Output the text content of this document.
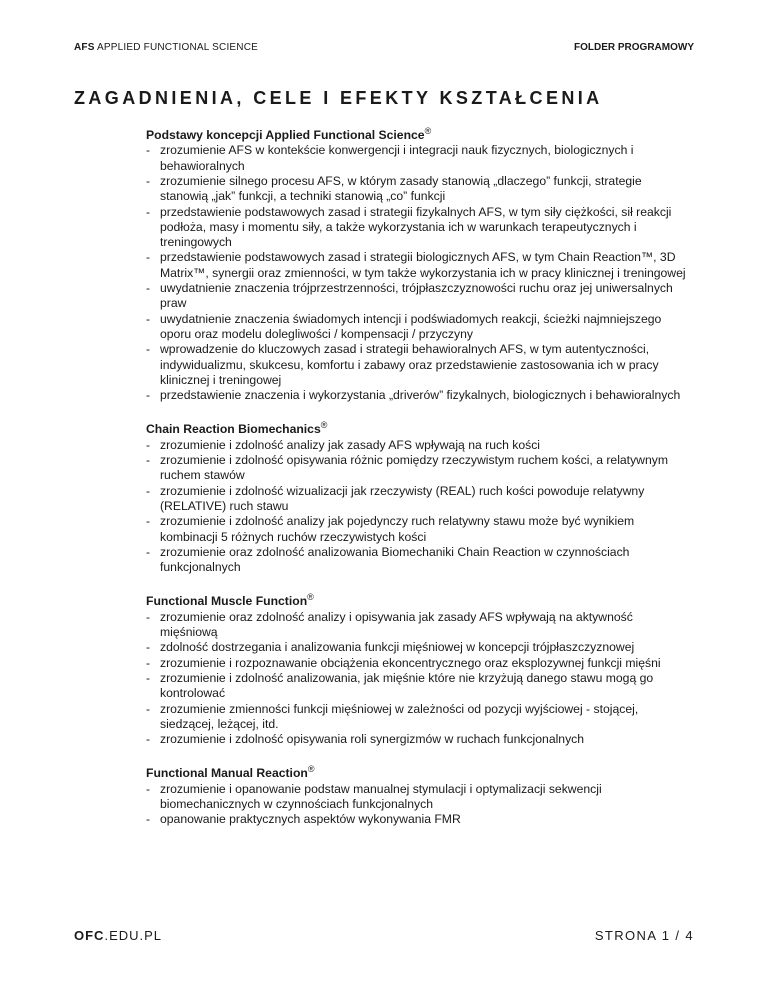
AFS APPLIED FUNCTIONAL SCIENCE	FOLDER PROGRAMOWY
ZAGADNIENIA, CELE I EFEKTY KSZTAŁCENIA
Podstawy koncepcji Applied Functional Science®
- zrozumienie AFS w kontekście konwergencji i integracji nauk fizycznych, biologicznych i behawioralnych
- zrozumienie silnego procesu AFS, w którym zasady stanowią „dlaczego” funkcji, strategie stanowią „jak” funkcji, a techniki stanowią „co” funkcji
- przedstawienie podstawowych zasad i strategii fizykalnych AFS, w tym siły ciężkości, sił reakcji podłoża, masy i momentu siły, a także wykorzystania ich w warunkach terapeutycznych i treningowych
- przedstawienie podstawowych zasad i strategii biologicznych AFS, w tym Chain Reaction™, 3D Matrix™, synergii oraz zmienności, w tym także wykorzystania ich w pracy klinicznej i treningowej
- uwydatnienie znaczenia trójprzestrzenności, trójpłaszczyznowości ruchu oraz jej uniwersalnych praw
- uwydatnienie znaczenia świadomych intencji i podświadomych reakcji, ścieżki najmniejszego oporu oraz modelu dolegliwości / kompensacji / przyczyny
- wprowadzenie do kluczowych zasad i strategii behawioralnych AFS, w tym autentyczności, indywidualizmu, skukcesu, komfortu i zabawy oraz przedstawienie zastosowania ich w pracy klinicznej i treningowej
- przedstawienie znaczenia i wykorzystania „driverów” fizykalnych, biologicznych i behawioralnych
Chain Reaction Biomechanics®
- zrozumienie i zdolność analizy jak zasady AFS wpływają na ruch kości
- zrozumienie i zdolność opisywania różnic pomiędzy rzeczywistym ruchem kości, a relatywnym ruchem stawów
- zrozumienie i zdolność wizualizacji jak rzeczywisty (REAL) ruch kości powoduje relatywny (RELATIVE) ruch stawu
- zrozumienie i zdolność analizy jak pojedynczy ruch relatywny stawu może być wynikiem kombinacji 5 różnych ruchów rzeczywistych kości
- zrozumienie oraz zdolność analizowania Biomechaniki Chain Reaction w czynnościach funkcjonalnych
Functional Muscle Function®
- zrozumienie oraz zdolność analizy i opisywania jak zasady AFS wpływają na aktywność mięśniową
- zdolność dostrzegania i analizowania funkcji mięśniowej w koncepcji trójpłaszczyznowej
- zrozumienie i rozpoznawanie obciążenia ekoncentrycznego oraz eksplozywnej funkcji mięśni
- zrozumienie i zdolność analizowania, jak mięśnie które nie krzyżują danego stawu mogą go kontrolować
- zrozumienie zmienności funkcji mięśniowej w zależności od pozycji wyjściowej - stojącej, siedzącej, leżącej, itd.
- zrozumienie i zdolność opisywania roli synergizmów w ruchach funkcjonalnych
Functional Manual Reaction®
- zrozumienie i opanowanie podstaw manualnej stymulacji i optymalizacji sekwencji biomechanicznych w czynnościach funkcjonalnych
- opanowanie praktycznych aspektów wykonywania FMR
OFC.EDU.PL	STRONA 1 / 4
